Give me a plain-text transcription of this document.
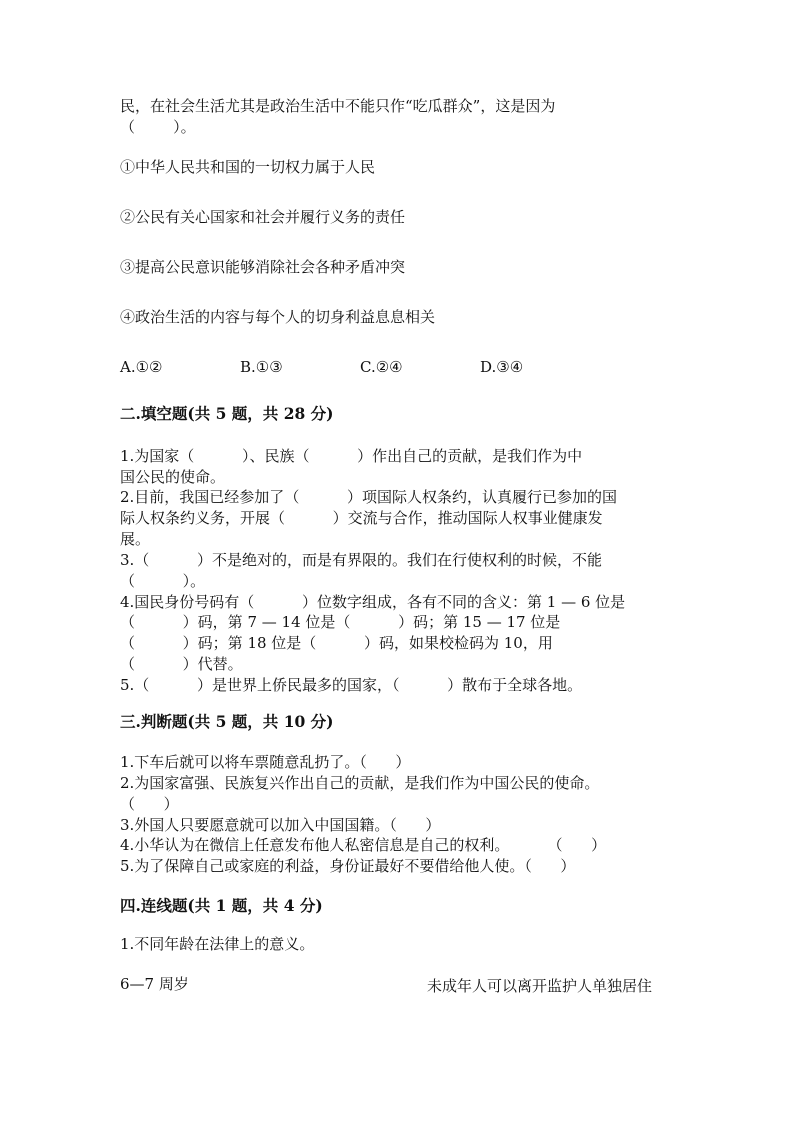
民，在社会生活尤其是政治生活中不能只作“吃瓜群众”，这是因为
（        ）。
①中华人民共和国的一切权力属于人民
②公民有关心国家和社会并履行义务的责任
③提高公民意识能够消除社会各种矛盾冲突
④政治生活的内容与每个人的切身利益息息相关
A.①②	B.①③	C.②④	D.③④
二.填空题(共 5 题，共 28 分)
1.为国家（          ）、民族（          ）作出自己的贡献，是我们作为中
国公民的使命。
2.目前，我国已经参加了（          ）项国际人权条约，认真履行已参加的国
际人权条约义务，开展（          ）交流与合作，推动国际人权事业健康发
展。
3.（          ）不是绝对的，而是有界限的。我们在行使权利的时候，不能
（          ）。
4.国民身份号码有（          ）位数字组成，各有不同的含义：第 1 — 6 位是
（          ）码，第 7 — 14 位是（          ）码；第 15 — 17 位是
（          ）码；第 18 位是（          ）码，如果校检码为 10，用
（          ）代替。
5.（          ）是世界上侨民最多的国家，（          ）散布于全球各地。
三.判断题(共 5 题，共 10 分)
1.下车后就可以将车票随意乱扔了。（      ）
2.为国家富强、民族复兴作出自己的贡献，是我们作为中国公民的使命。
（      ）
3.外国人只要愿意就可以加入中国国籍。（      ）
4.小华认为在微信上任意发布他人私密信息是自己的权利。        （      ）
5.为了保障自己或家庭的利益，身份证最好不要借给他人使。（      ）
四.连线题(共 1 题，共 4 分)
1.不同年龄在法律上的意义。
6—7 周岁	未成年人可以离开监护人单独居住
